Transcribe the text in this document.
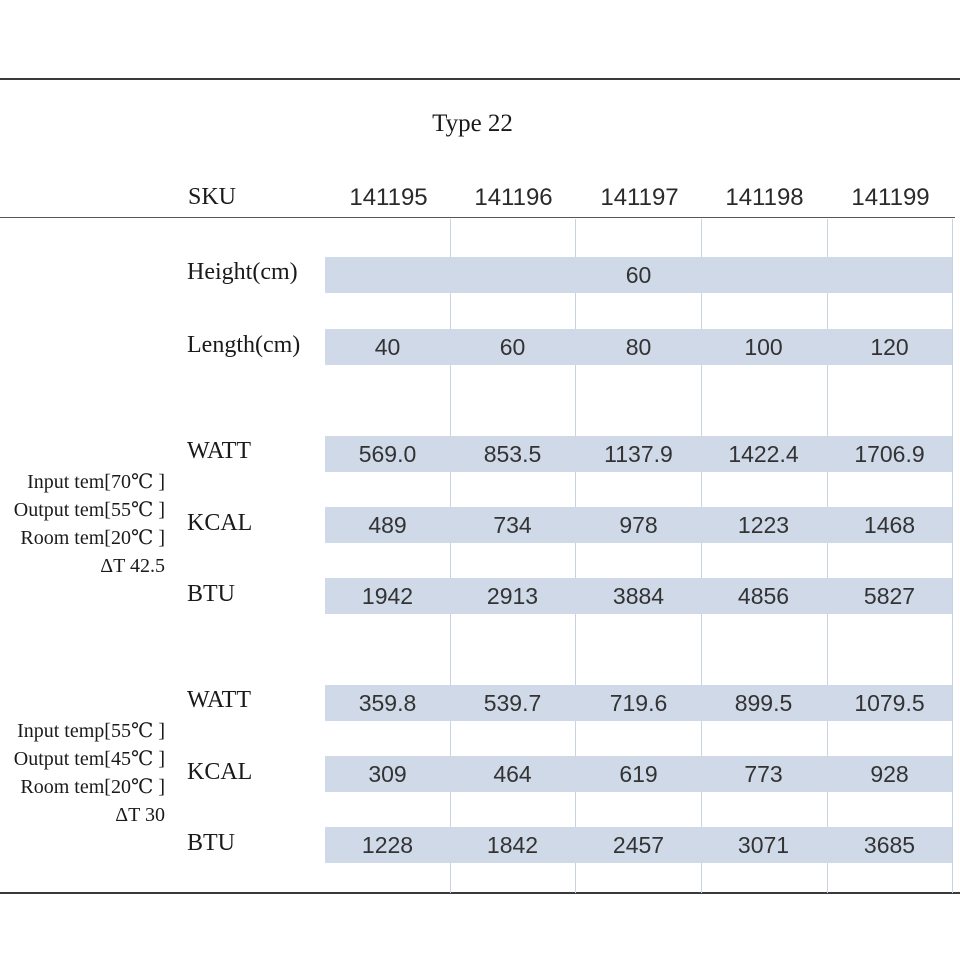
Type 22
SKU	141195	141196	141197	141198	141199
Height(cm)	60
Length(cm)	40	60	80	100	120
Input tem[70℃ ]
Output tem[55℃ ]
Room tem[20℃ ]
ΔT 42.5
WATT	569.0	853.5	1137.9	1422.4	1706.9
KCAL	489	734	978	1223	1468
BTU	1942	2913	3884	4856	5827
Input temp[55℃ ]
Output tem[45℃ ]
Room tem[20℃ ]
ΔT 30
WATT	359.8	539.7	719.6	899.5	1079.5
KCAL	309	464	619	773	928
BTU	1228	1842	2457	3071	3685
